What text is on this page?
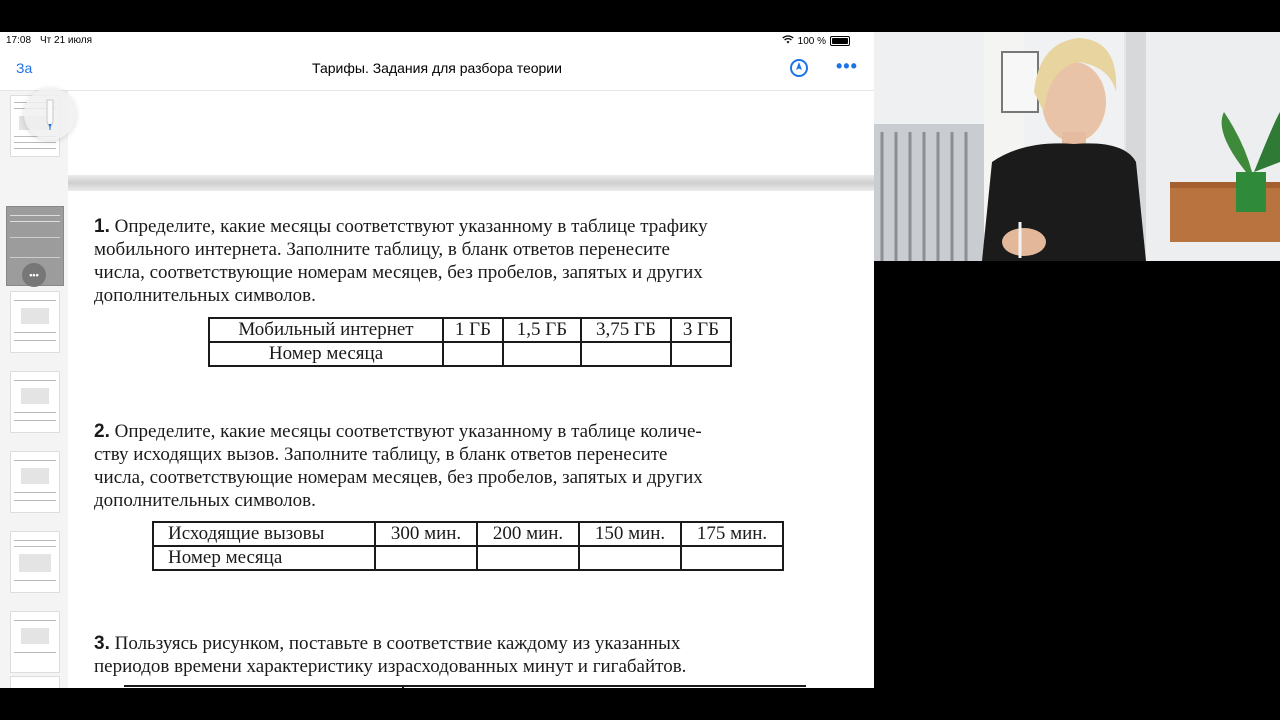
17:08 Чт 21 июля	100 %
За	Тарифы. Задания для разбора теории	•••
•••
1. Определите, какие месяцы соответствуют указанному в таблице трафику
мобильного интернета. Заполните таблицу, в бланк ответов перенесите
числа, соответствующие номерам месяцев, без пробелов, запятых и других
дополнительных символов.
Мобильный интернет	1 ГБ	1,5 ГБ	3,75 ГБ	3 ГБ
Номер месяца				
2. Определите, какие месяцы соответствуют указанному в таблице количе-
ству исходящих вызов. Заполните таблицу, в бланк ответов перенесите
числа, соответствующие номерам месяцев, без пробелов, запятых и других
дополнительных символов.
Исходящие вызовы	300 мин.	200 мин.	150 мин.	175 мин.
Номер месяца				
3. Пользуясь рисунком, поставьте в соответствие каждому из указанных
периодов времени характеристику израсходованных минут и гигабайтов.
